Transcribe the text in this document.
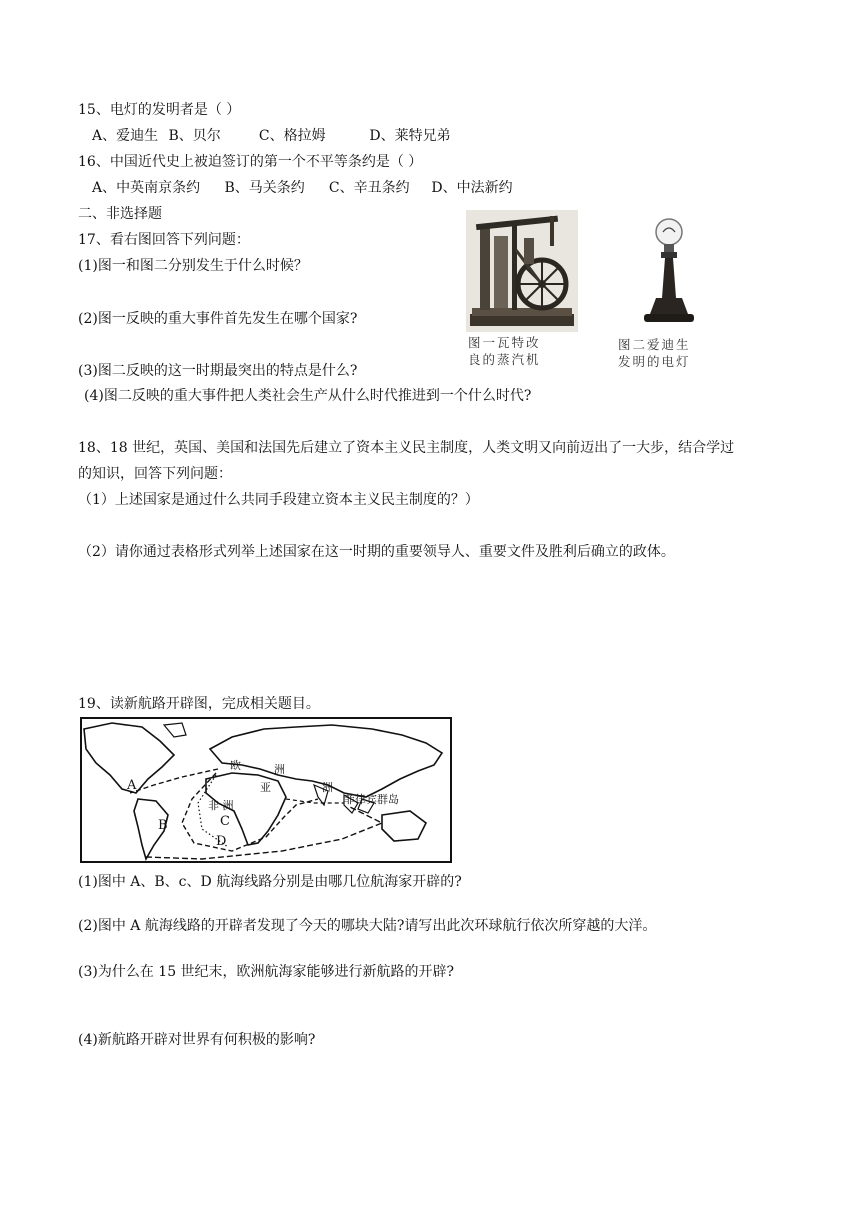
15、电灯的发明者是（ ）
A、爱迪生 B、贝尔	C、格拉姆	D、莱特兄弟
16、中国近代史上被迫签订的第一个不平等条约是（ ）
A、中英南京条约 B、马关条约 C、辛丑条约 D、中法新约
二、非选择题
17、看右图回答下列问题：
(1)图一和图二分别发生于什么时候？
(2)图一反映的重大事件首先发生在哪个国家?
(3)图二反映的这一时期最突出的特点是什么?
图一瓦特改
良的蒸汽机
图二爱迪生
发明的电灯
(4)图二反映的重大事件把人类社会生产从什么时代推进到一个什么时代?
18、18 世纪，英国、美国和法国先后建立了资本主义民主制度，人类文明又向前迈出了一大步，结合学过
的知识，回答下列问题：
（1）上述国家是通过什么共同手段建立资本主义民主制度的？）
（2）请你通过表格形式列举上述国家在这一时期的重要领导人、重要文件及胜利后确立的政体。
19、读新航路开辟图，完成相关题目。
A
B	C
D
欧
亚
洲
洲
非 洲	菲律宾群岛
(1)图中 A、B、c、D 航海线路分别是由哪几位航海家开辟的?
(2)图中 A 航海线路的开辟者发现了今天的哪块大陆?请写出此次环球航行依次所穿越的大洋。
(3)为什么在 15 世纪末，欧洲航海家能够进行新航路的开辟?
(4)新航路开辟对世界有何积极的影响?
